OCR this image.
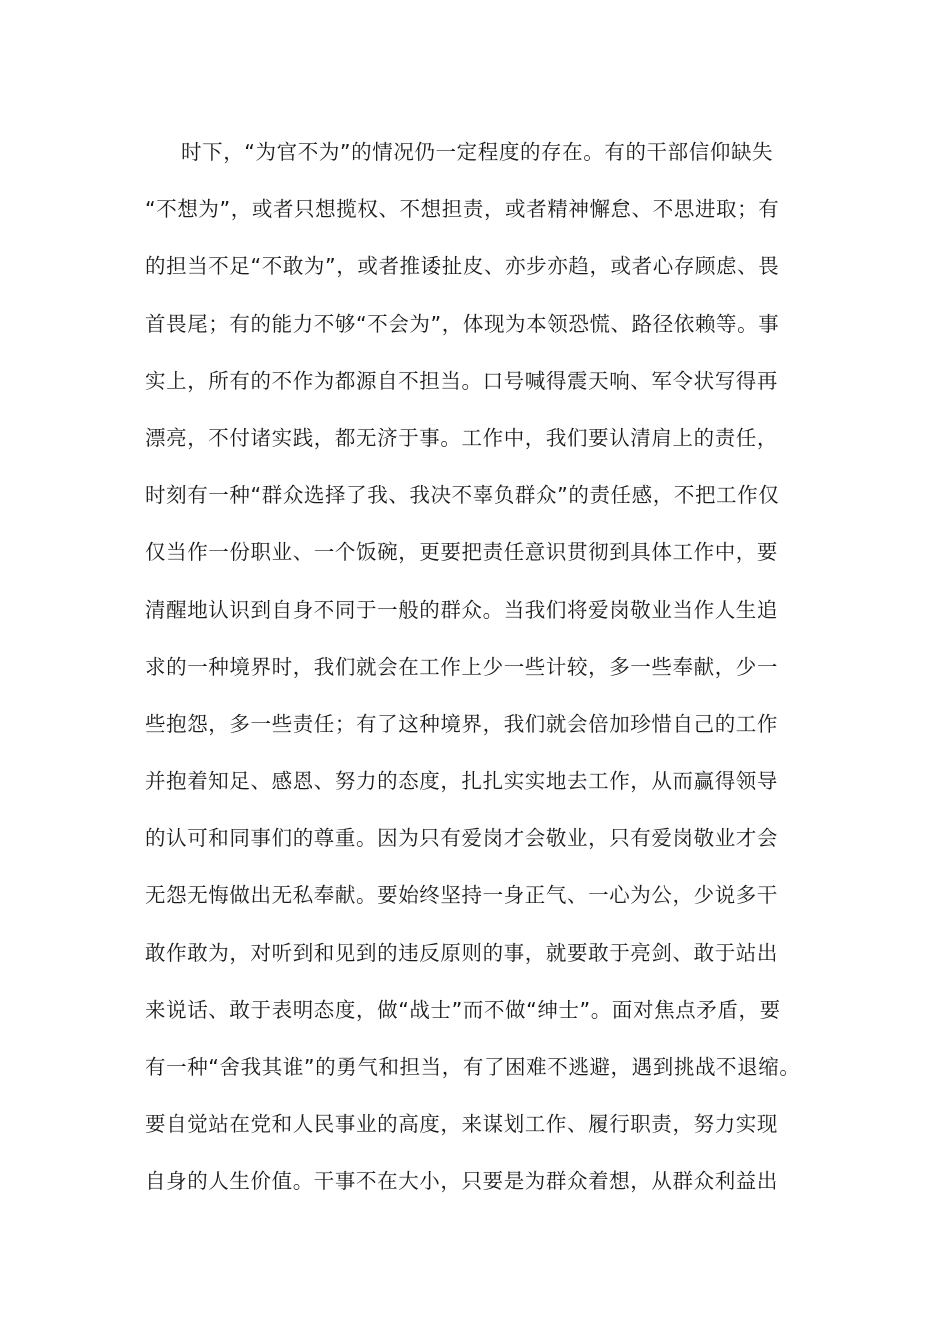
时下，“为官不为”的情况仍一定程度的存在。有的干部信仰缺失
“不想为”，或者只想揽权、不想担责，或者精神懈怠、不思进取；有
的担当不足“不敢为”，或者推诿扯皮、亦步亦趋，或者心存顾虑、畏
首畏尾；有的能力不够“不会为”，体现为本领恐慌、路径依赖等。事
实上，所有的不作为都源自不担当。口号喊得震天响、军令状写得再
漂亮，不付诸实践，都无济于事。工作中，我们要认清肩上的责任，
时刻有一种“群众选择了我、我决不辜负群众”的责任感，不把工作仅
仅当作一份职业、一个饭碗，更要把责任意识贯彻到具体工作中，要
清醒地认识到自身不同于一般的群众。当我们将爱岗敬业当作人生追
求的一种境界时，我们就会在工作上少一些计较，多一些奉献，少一
些抱怨，多一些责任；有了这种境界，我们就会倍加珍惜自己的工作
并抱着知足、感恩、努力的态度，扎扎实实地去工作，从而赢得领导
的认可和同事们的尊重。因为只有爱岗才会敬业，只有爱岗敬业才会
无怨无悔做出无私奉献。要始终坚持一身正气、一心为公，少说多干
敢作敢为，对听到和见到的违反原则的事，就要敢于亮剑、敢于站出
来说话、敢于表明态度，做“战士”而不做“绅士”。面对焦点矛盾，要
有一种“舍我其谁”的勇气和担当，有了困难不逃避，遇到挑战不退缩。
要自觉站在党和人民事业的高度，来谋划工作、履行职责，努力实现
自身的人生价值。干事不在大小，只要是为群众着想，从群众利益出
